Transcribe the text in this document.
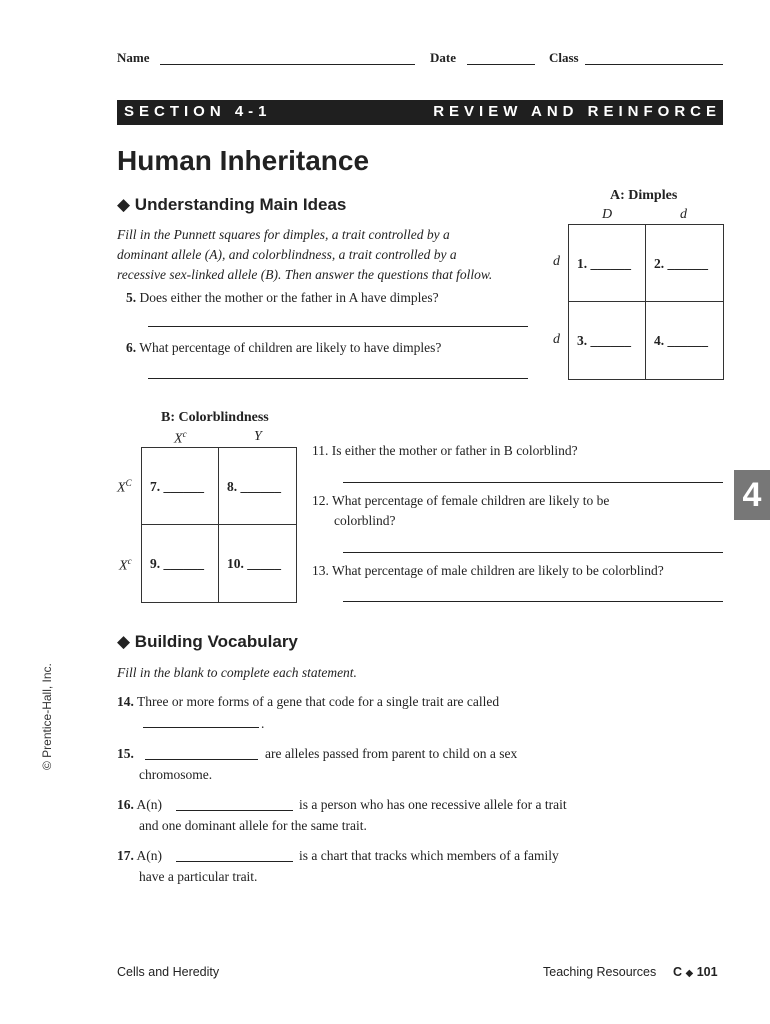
Name	Date	Class
SECTION 4-1	REVIEW AND REINFORCE
Human Inheritance
◆ Understanding Main Ideas
Fill in the Punnett squares for dimples, a trait controlled by a
dominant allele (A), and colorblindness, a trait controlled by a
recessive sex-linked allele (B). Then answer the questions that follow.
5. Does either the mother or the father in A have dimples?
6. What percentage of children are likely to have dimples?
A: Dimples
D	d
d
d
1. ______ 2. ______
3. ______ 4. ______
B: Colorblindness
$X^c$	Y
$X^C$
$X^c$
7. ______ 8. ______
9. ______ 10. _____
11. Is either the mother or father in B colorblind?
12. What percentage of female children are likely to be
colorblind?
13. What percentage of male children are likely to be colorblind?
4
◆ Building Vocabulary
Fill in the blank to complete each statement.
14. Three or more forms of a gene that code for a single trait are called
.
15.	are alleles passed from parent to child on a sex
chromosome.
16. A(n)	is a person who has one recessive allele for a trait
and one dominant allele for the same trait.
17. A(n)	is a chart that tracks which members of a family
have a particular trait.
© Prentice-Hall, Inc.
Cells and Heredity	Teaching Resources C ◆ 101
